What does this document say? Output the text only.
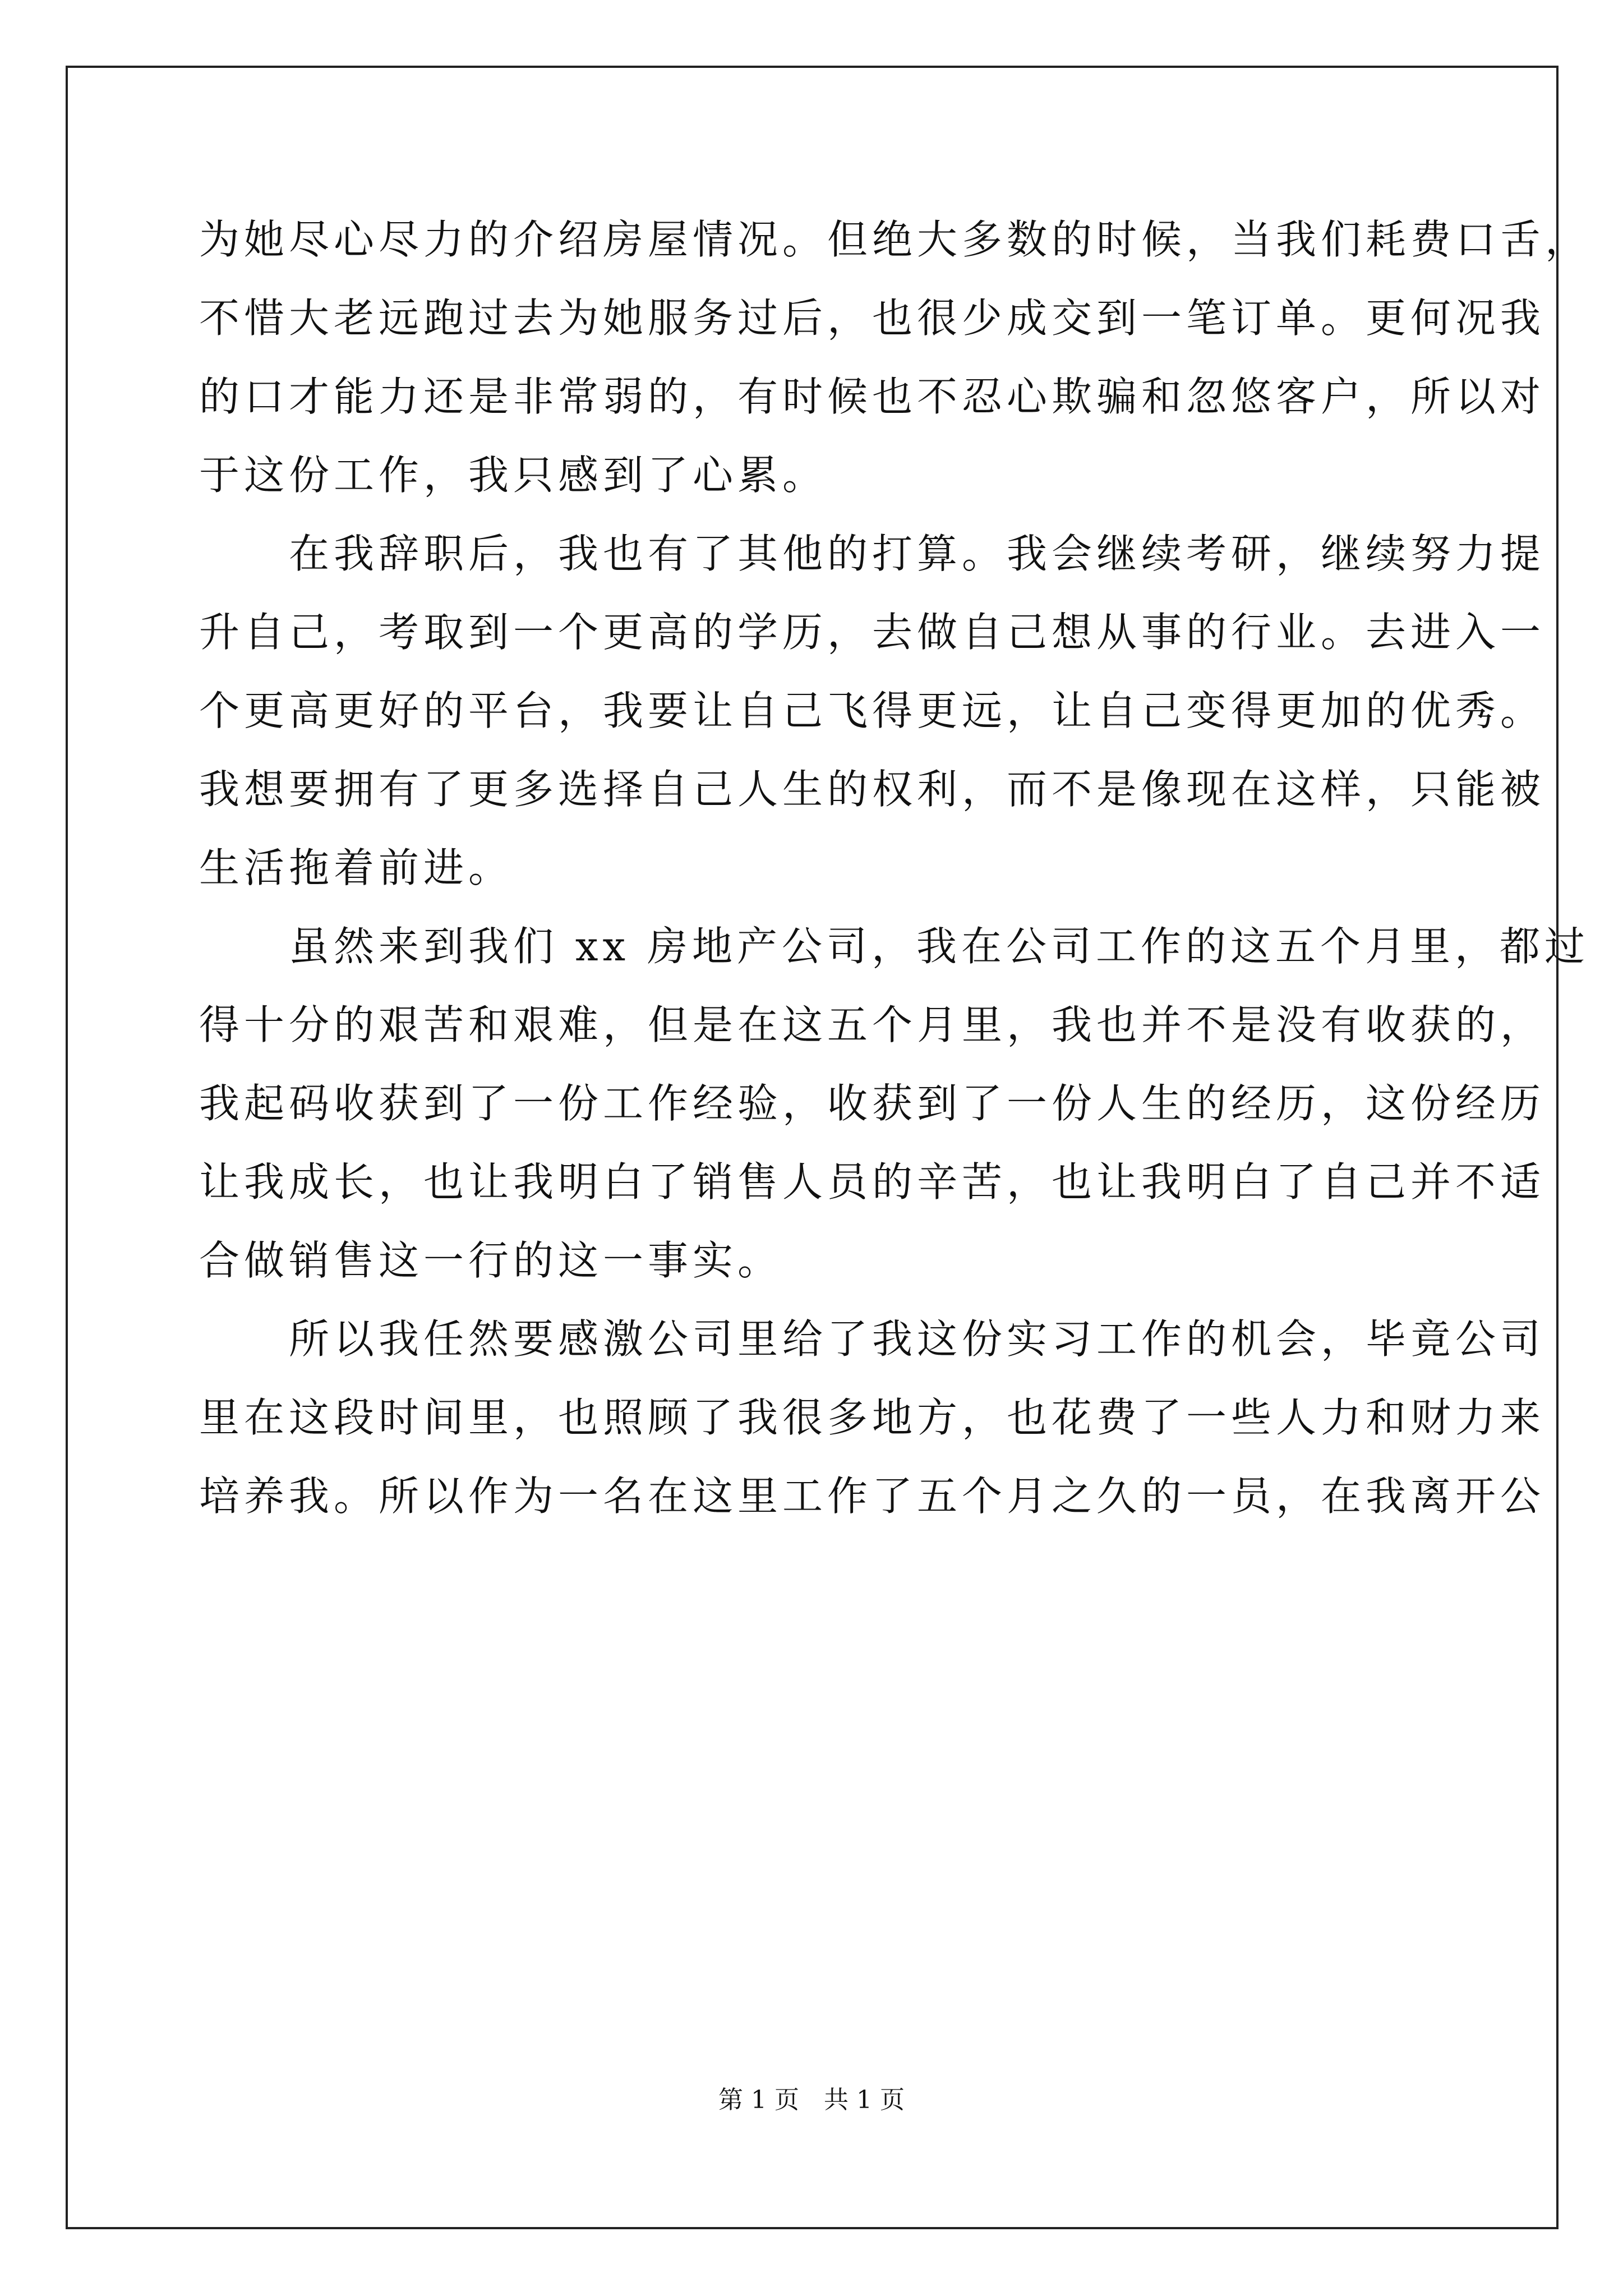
为她尽心尽力的介绍房屋情况。但绝大多数的时候，当我们耗费口舌，
不惜大老远跑过去为她服务过后，也很少成交到一笔订单。更何况我
的口才能力还是非常弱的，有时候也不忍心欺骗和忽悠客户，所以对
于这份工作，我只感到了心累。
　　在我辞职后，我也有了其他的打算。我会继续考研，继续努力提
升自己，考取到一个更高的学历，去做自己想从事的行业。去进入一
个更高更好的平台，我要让自己飞得更远，让自己变得更加的优秀。
我想要拥有了更多选择自己人生的权利，而不是像现在这样，只能被
生活拖着前进。
　　虽然来到我们 xx 房地产公司，我在公司工作的这五个月里，都过
得十分的艰苦和艰难，但是在这五个月里，我也并不是没有收获的，
我起码收获到了一份工作经验，收获到了一份人生的经历，这份经历
让我成长，也让我明白了销售人员的辛苦，也让我明白了自己并不适
合做销售这一行的这一事实。
　　所以我任然要感激公司里给了我这份实习工作的机会，毕竟公司
里在这段时间里，也照顾了我很多地方，也花费了一些人力和财力来
培养我。所以作为一名在这里工作了五个月之久的一员，在我离开公
第 1 页　共 1 页
